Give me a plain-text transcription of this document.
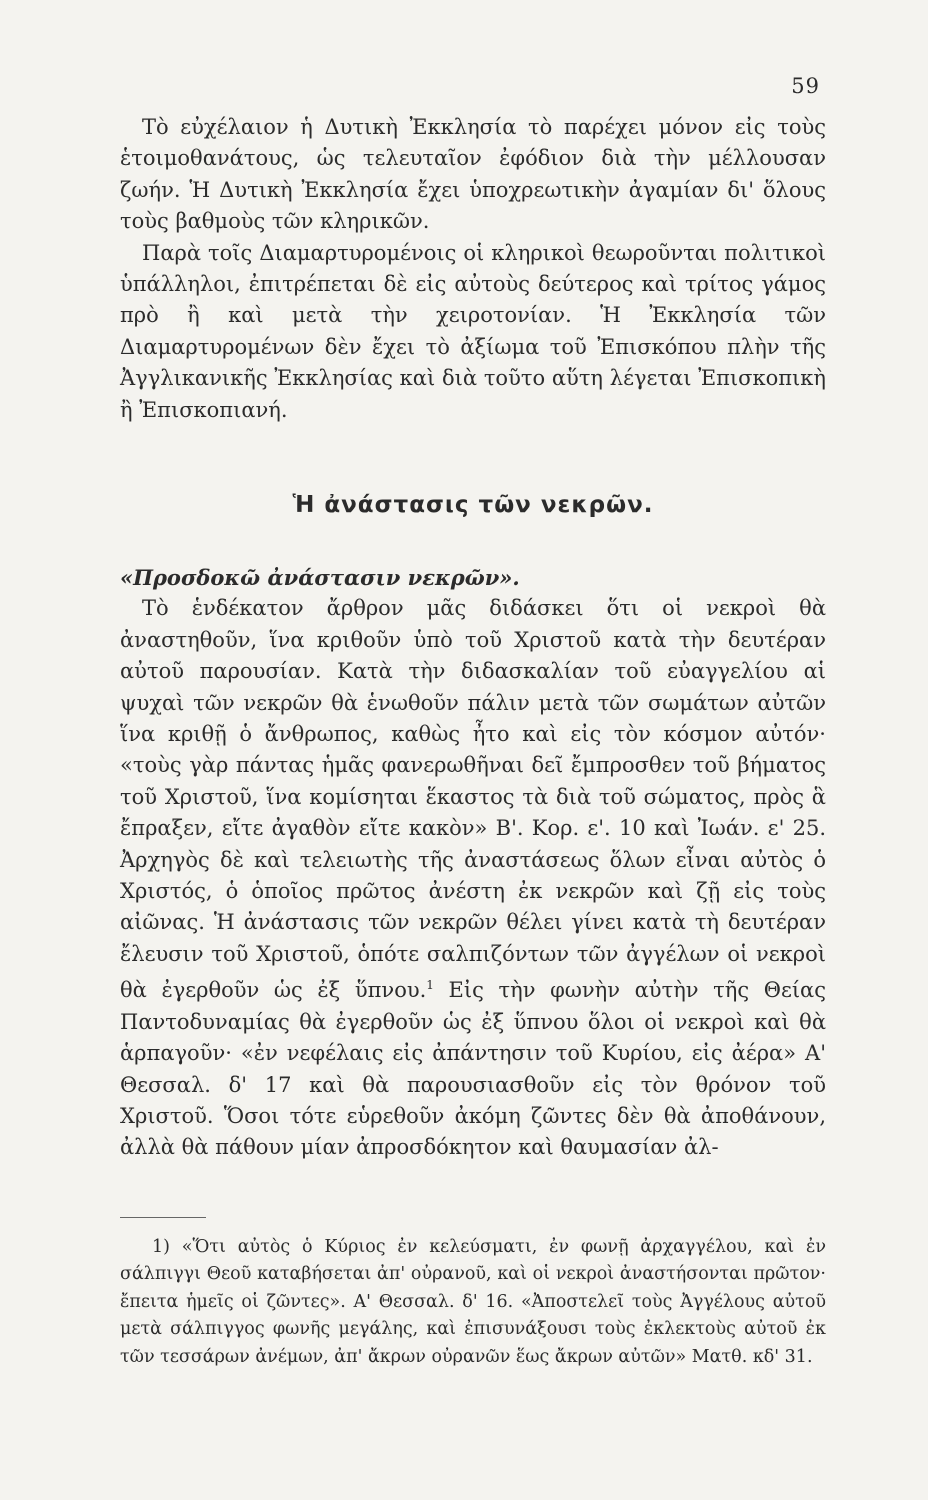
59

Τὸ εὐχέλαιον ἡ Δυτικὴ Ἐκκλησία τὸ παρέχει μόνον εἰς τοὺς ἑτοιμοθανάτους, ὡς τελευταῖον ἐφόδιον διὰ τὴν μέλλουσαν ζωήν. Ἡ Δυτικὴ Ἐκκλησία ἔχει ὑποχρεωτικὴν ἀγαμίαν δι' ὅλους τοὺς βαθμοὺς τῶν κληρικῶν.

Παρὰ τοῖς Διαμαρτυρομένοις οἱ κληρικοὶ θεωροῦνται πολιτικοὶ ὑπάλληλοι, ἐπιτρέπεται δὲ εἰς αὐτοὺς δεύτερος καὶ τρίτος γάμος πρὸ ἢ καὶ μετὰ τὴν χειροτονίαν. Ἡ Ἐκκλησία τῶν Διαμαρτυρομένων δὲν ἔχει τὸ ἀξίωμα τοῦ Ἐπισκόπου πλὴν τῆς Ἀγγλικανικῆς Ἐκκλησίας καὶ διὰ τοῦτο αὕτη λέγεται Ἐπισκοπικὴ ἢ Ἐπισκοπιανή.

Ἡ ἀνάστασις τῶν νεκρῶν.

«Προσδοκῶ ἀνάστασιν νεκρῶν».

Τὸ ἑνδέκατον ἄρθρον μᾶς διδάσκει ὅτι οἱ νεκροὶ θὰ ἀναστηθοῦν, ἵνα κριθοῦν ὑπὸ τοῦ Χριστοῦ κατὰ τὴν δευτέραν αὐτοῦ παρουσίαν. Κατὰ τὴν διδασκαλίαν τοῦ εὐαγγελίου αἱ ψυχαὶ τῶν νεκρῶν θὰ ἑνωθοῦν πάλιν μετὰ τῶν σωμάτων αὐτῶν ἵνα κριθῇ ὁ ἄνθρωπος, καθὼς ἦτο καὶ εἰς τὸν κόσμον αὐτόν· «τοὺς γὰρ πάντας ἡμᾶς φανερωθῆναι δεῖ ἔμπροσθεν τοῦ βήματος τοῦ Χριστοῦ, ἵνα κομίσηται ἕκαστος τὰ διὰ τοῦ σώματος, πρὸς ἃ ἔπραξεν, εἴτε ἀγαθὸν εἴτε κακὸν» Β'. Κορ. ε'. 10 καὶ Ἰωάν. ε' 25. Ἀρχηγὸς δὲ καὶ τελειωτὴς τῆς ἀναστάσεως ὅλων εἶναι αὐτὸς ὁ Χριστός, ὁ ὁποῖος πρῶτος ἀνέστη ἐκ νεκρῶν καὶ ζῇ εἰς τοὺς αἰῶνας. Ἡ ἀνάστασις τῶν νεκρῶν θέλει γίνει κατὰ τὴ δευτέραν ἔλευσιν τοῦ Χριστοῦ, ὁπότε σαλπιζόντων τῶν ἀγγέλων οἱ νεκροὶ θὰ ἐγερθοῦν ὡς ἐξ ὕπνου.$^1$ Εἰς τὴν φωνὴν αὐτὴν τῆς Θείας Παντοδυναμίας θὰ ἐγερθοῦν ὡς ἐξ ὕπνου ὅλοι οἱ νεκροὶ καὶ θὰ ἁρπαγοῦν· «ἐν νεφέλαις εἰς ἀπάντησιν τοῦ Κυρίου, εἰς ἀέρα» Α' Θεσσαλ. δ' 17 καὶ θὰ παρουσιασθοῦν εἰς τὸν θρόνον τοῦ Χριστοῦ. Ὅσοι τότε εὑρεθοῦν ἀκόμη ζῶντες δὲν θὰ ἀποθάνουν, ἀλλὰ θὰ πάθουν μίαν ἀπροσδόκητον καὶ θαυμασίαν ἀλ-

1) «Ὅτι αὐτὸς ὁ Κύριος ἐν κελεύσματι, ἐν φωνῇ ἀρχαγγέλου, καὶ ἐν σάλπιγγι Θεοῦ καταβήσεται ἀπ' οὐρανοῦ, καὶ οἱ νεκροὶ ἀναστήσονται πρῶτον· ἔπειτα ἡμεῖς οἱ ζῶντες». Α' Θεσσαλ. δ' 16. «Ἀποστελεῖ τοὺς Ἀγγέλους αὐτοῦ μετὰ σάλπιγγος φωνῆς μεγάλης, καὶ ἐπισυνάξουσι τοὺς ἐκλεκτοὺς αὐτοῦ ἐκ τῶν τεσσάρων ἀνέμων, ἀπ' ἄκρων οὐρανῶν ἕως ἄκρων αὐτῶν» Ματθ. κδ' 31.
